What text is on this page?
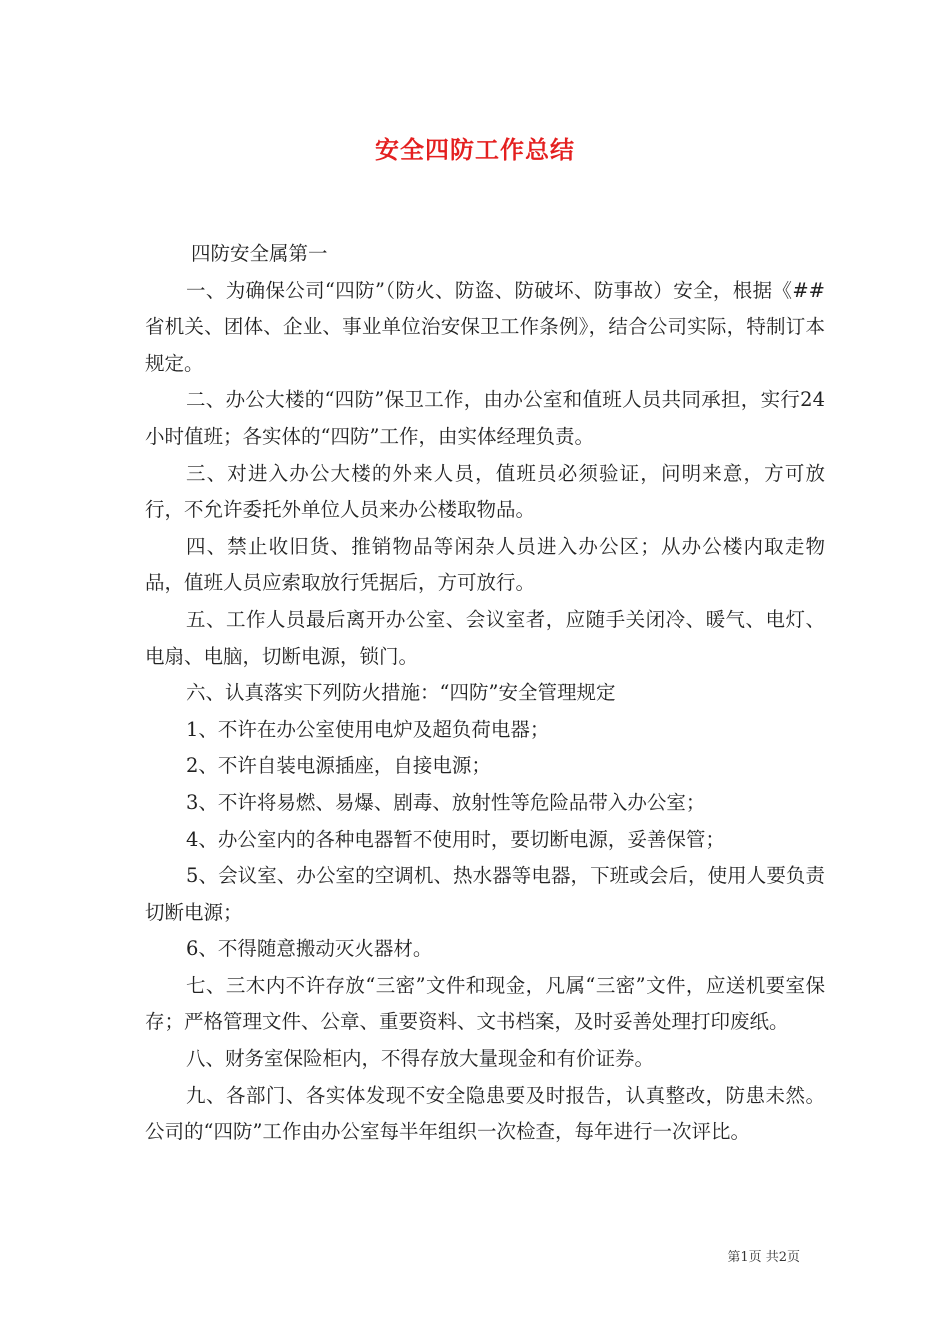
安全四防工作总结

四防安全属第一

一、为确保公司“四防”（防火、防盗、防破坏、防事故）安全，根据《##省机关、团体、企业、事业单位治安保卫工作条例》，结合公司实际，特制订本规定。

二、办公大楼的“四防”保卫工作，由办公室和值班人员共同承担，实行24小时值班；各实体的“四防”工作，由实体经理负责。

三、对进入办公大楼的外来人员，值班员必须验证，问明来意，方可放行，不允许委托外单位人员来办公楼取物品。

四、禁止收旧货、推销物品等闲杂人员进入办公区；从办公楼内取走物品，值班人员应索取放行凭据后，方可放行。

五、工作人员最后离开办公室、会议室者，应随手关闭冷、暖气、电灯、电扇、电脑，切断电源，锁门。

六、认真落实下列防火措施：“四防”安全管理规定

1、不许在办公室使用电炉及超负荷电器；

2、不许自装电源插座，自接电源；

3、不许将易燃、易爆、剧毒、放射性等危险品带入办公室；

4、办公室内的各种电器暂不使用时，要切断电源，妥善保管；

5、会议室、办公室的空调机、热水器等电器，下班或会后，使用人要负责切断电源；

6、不得随意搬动灭火器材。

七、三木内不许存放“三密”文件和现金，凡属“三密”文件，应送机要室保存；严格管理文件、公章、重要资料、文书档案，及时妥善处理打印废纸。

八、财务室保险柜内，不得存放大量现金和有价证券。

九、各部门、各实体发现不安全隐患要及时报告，认真整改，防患未然。公司的“四防”工作由办公室每半年组织一次检查，每年进行一次评比。

第1页 共2页
